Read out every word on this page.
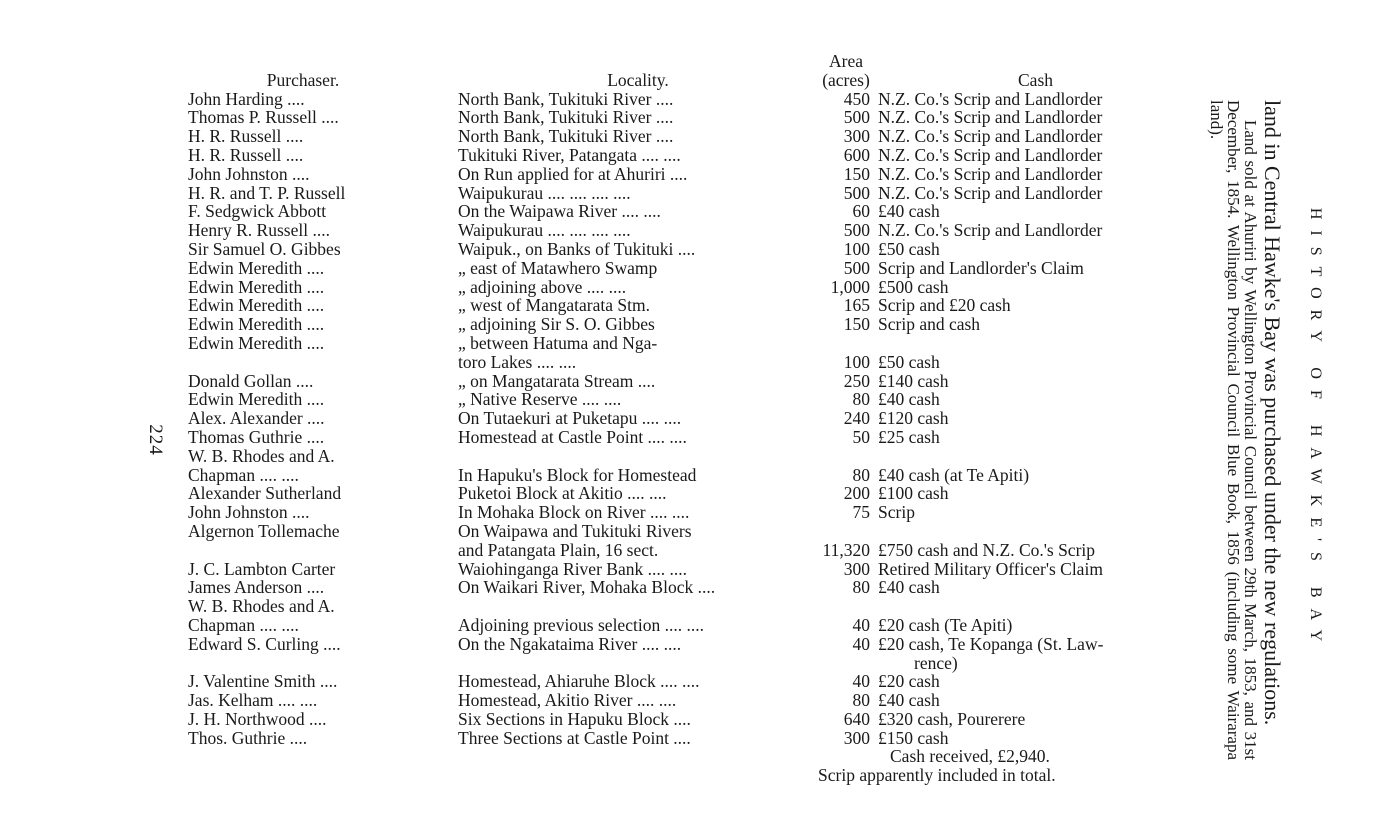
224
		Area	
Purchaser.	Locality.	(acres)	Cash
John Harding ....	North Bank, Tukituki River ....	450	N.Z. Co.'s Scrip and Landlorder
Thomas P. Russell ....	North Bank, Tukituki River ....	500	N.Z. Co.'s Scrip and Landlorder
H. R. Russell ....	North Bank, Tukituki River ....	300	N.Z. Co.'s Scrip and Landlorder
H. R. Russell ....	Tukituki River, Patangata .... ....	600	N.Z. Co.'s Scrip and Landlorder
John Johnston ....	On Run applied for at Ahuriri ....	150	N.Z. Co.'s Scrip and Landlorder
H. R. and T. P. Russell	Waipukurau .... .... .... ....	500	N.Z. Co.'s Scrip and Landlorder
F. Sedgwick Abbott	On the Waipawa River .... ....	60	£40 cash
Henry R. Russell ....	Waipukurau .... .... .... ....	500	N.Z. Co.'s Scrip and Landlorder
Sir Samuel O. Gibbes	Waipuk., on Banks of Tukituki ....	100	£50 cash
Edwin Meredith ....	„ east of Matawhero Swamp	500	Scrip and Landlorder's Claim
Edwin Meredith ....	„ adjoining above .... ....	1,000	£500 cash
Edwin Meredith ....	„ west of Mangatarata Stm.	165	Scrip and £20 cash
Edwin Meredith ....	„ adjoining Sir S. O. Gibbes	150	Scrip and cash
Edwin Meredith ....	„ between Hatuma and Nga-		
	toro Lakes .... ....	100	£50 cash
Donald Gollan ....	„ on Mangatarata Stream ....	250	£140 cash
Edwin Meredith ....	„ Native Reserve .... ....	80	£40 cash
Alex. Alexander ....	On Tutaekuri at Puketapu .... ....	240	£120 cash
Thomas Guthrie ....	Homestead at Castle Point .... ....	50	£25 cash
W. B. Rhodes and A.			
Chapman .... ....	In Hapuku's Block for Homestead	80	£40 cash (at Te Apiti)
Alexander Sutherland	Puketoi Block at Akitio .... ....	200	£100 cash
John Johnston ....	In Mohaka Block on River .... ....	75	Scrip
Algernon Tollemache	On Waipawa and Tukituki Rivers		
	and Patangata Plain, 16 sect.	11,320	£750 cash and N.Z. Co.'s Scrip
J. C. Lambton Carter	Waiohinganga River Bank .... ....	300	Retired Military Officer's Claim
James Anderson ....	On Waikari River, Mohaka Block ....	80	£40 cash
W. B. Rhodes and A.			
Chapman .... ....	Adjoining previous selection .... ....	40	£20 cash (Te Apiti)
Edward S. Curling ....	On the Ngakataima River .... ....	40	£20 cash, Te Kopanga (St. Law-
			rence)
J. Valentine Smith ....	Homestead, Ahiaruhe Block .... ....	40	£20 cash
Jas. Kelham .... ....	Homestead, Akitio River .... ....	80	£40 cash
J. H. Northwood ....	Six Sections in Hapuku Block ....	640	£320 cash, Pourerere
Thos. Guthrie ....	Three Sections at Castle Point ....	300	£150 cash
		Cash received, £2,940.	
		Scrip apparently included in total.	
HISTORY OF HAWKE'S BAY
land in Central Hawke's Bay was purchased under the new regulations.
Land sold at Ahuriri by Wellington Provincial Council between 29th March, 1853, and 31st December, 1854. Wellington Provincial Council Blue Book, 1856 (including some Wairarapa land).
